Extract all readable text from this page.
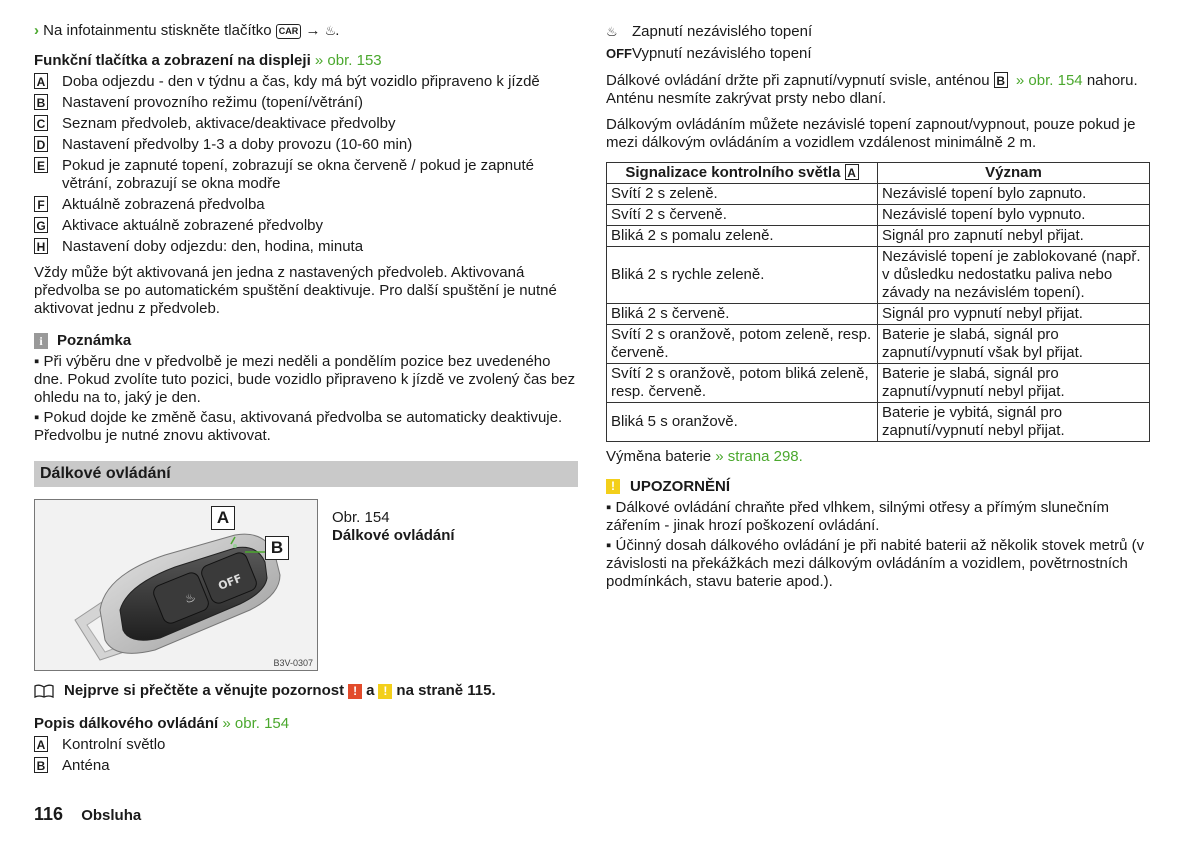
› Na infotainmentu stiskněte tlačítko CAR → ♨.

Funkční tlačítka a zobrazení na displeji » obr. 153
A Doba odjezdu - den v týdnu a čas, kdy má být vozidlo připraveno k jízdě
B Nastavení provozního režimu (topení/větrání)
C Seznam předvoleb, aktivace/deaktivace předvolby
D Nastavení předvolby 1-3 a doby provozu (10-60 min)
E Pokud je zapnuté topení, zobrazují se okna červeně / pokud je zapnuté větrání, zobrazují se okna modře
F Aktuálně zobrazená předvolba
G Aktivace aktuálně zobrazené předvolby
H Nastavení doby odjezdu: den, hodina, minuta

Vždy může být aktivovaná jen jedna z nastavených předvoleb. Aktivovaná předvolba se po automatickém spuštění deaktivuje. Pro další spuštění je nutné aktivovat jednu z předvoleb.

i Poznámka

▪ Při výběru dne v předvolbě je mezi neděli a pondělím pozice bez uvedeného dne. Pokud zvolíte tuto pozici, bude vozidlo připraveno k jízdě ve zvolený čas bez ohledu na to, jaký je den.

▪ Pokud dojde ke změně času, aktivovaná předvolba se automaticky deaktivuje. Předvolbu je nutné znovu aktivovat.

Dálkové ovládání
♨
OFF
A
B
B3V-0307

Obr. 154

Dálkové ovládání

Nejprve si přečtěte a věnujte pozornost ! a ! na straně 115.
Popis dálkového ovládání » obr. 154
A Kontrolní světlo
B Anténa
♨ Zapnutí nezávislého topení
OFF Vypnutí nezávislého topení

Dálkové ovládání držte při zapnutí/vypnutí svisle, anténou B » obr. 154 nahoru. Anténu nesmíte zakrývat prsty nebo dlaní.

Dálkovým ovládáním můžete nezávislé topení zapnout/vypnout, pouze pokud je mezi dálkovým ovládáním a vozidlem vzdálenost minimálně 2 m.

Signalizace kontrolního světla A	Význam
Svítí 2 s zeleně.	Nezávislé topení bylo zapnuto.
Svítí 2 s červeně.	Nezávislé topení bylo vypnuto.
Bliká 2 s pomalu zeleně.	Signál pro zapnutí nebyl přijat.
Bliká 2 s rychle zeleně.	Nezávislé topení je zablokované (např. v důsledku nedostatku paliva nebo závady na nezávislém topení).
Bliká 2 s červeně.	Signál pro vypnutí nebyl přijat.
Svítí 2 s oranžově, potom zeleně, resp. červeně.	Baterie je slabá, signál pro zapnutí/vypnutí však byl přijat.
Svítí 2 s oranžově, potom bliká zeleně, resp. červeně.	Baterie je slabá, signál pro zapnutí/vypnutí nebyl přijat.
Bliká 5 s oranžově.	Baterie je vybitá, signál pro zapnutí/vypnutí nebyl přijat.

Výměna baterie » strana 298.

!	UPOZORNĚNÍ

▪ Dálkové ovládání chraňte před vlhkem, silnými otřesy a přímým slunečním zářením - jinak hrozí poškození ovládání.

▪ Účinný dosah dálkového ovládání je při nabité baterii až několik stovek metrů (v závislosti na překážkách mezi dálkovým ovládáním a vozidlem, povětrnostních podmínkách, stavu baterie apod.).

116 Obsluha
